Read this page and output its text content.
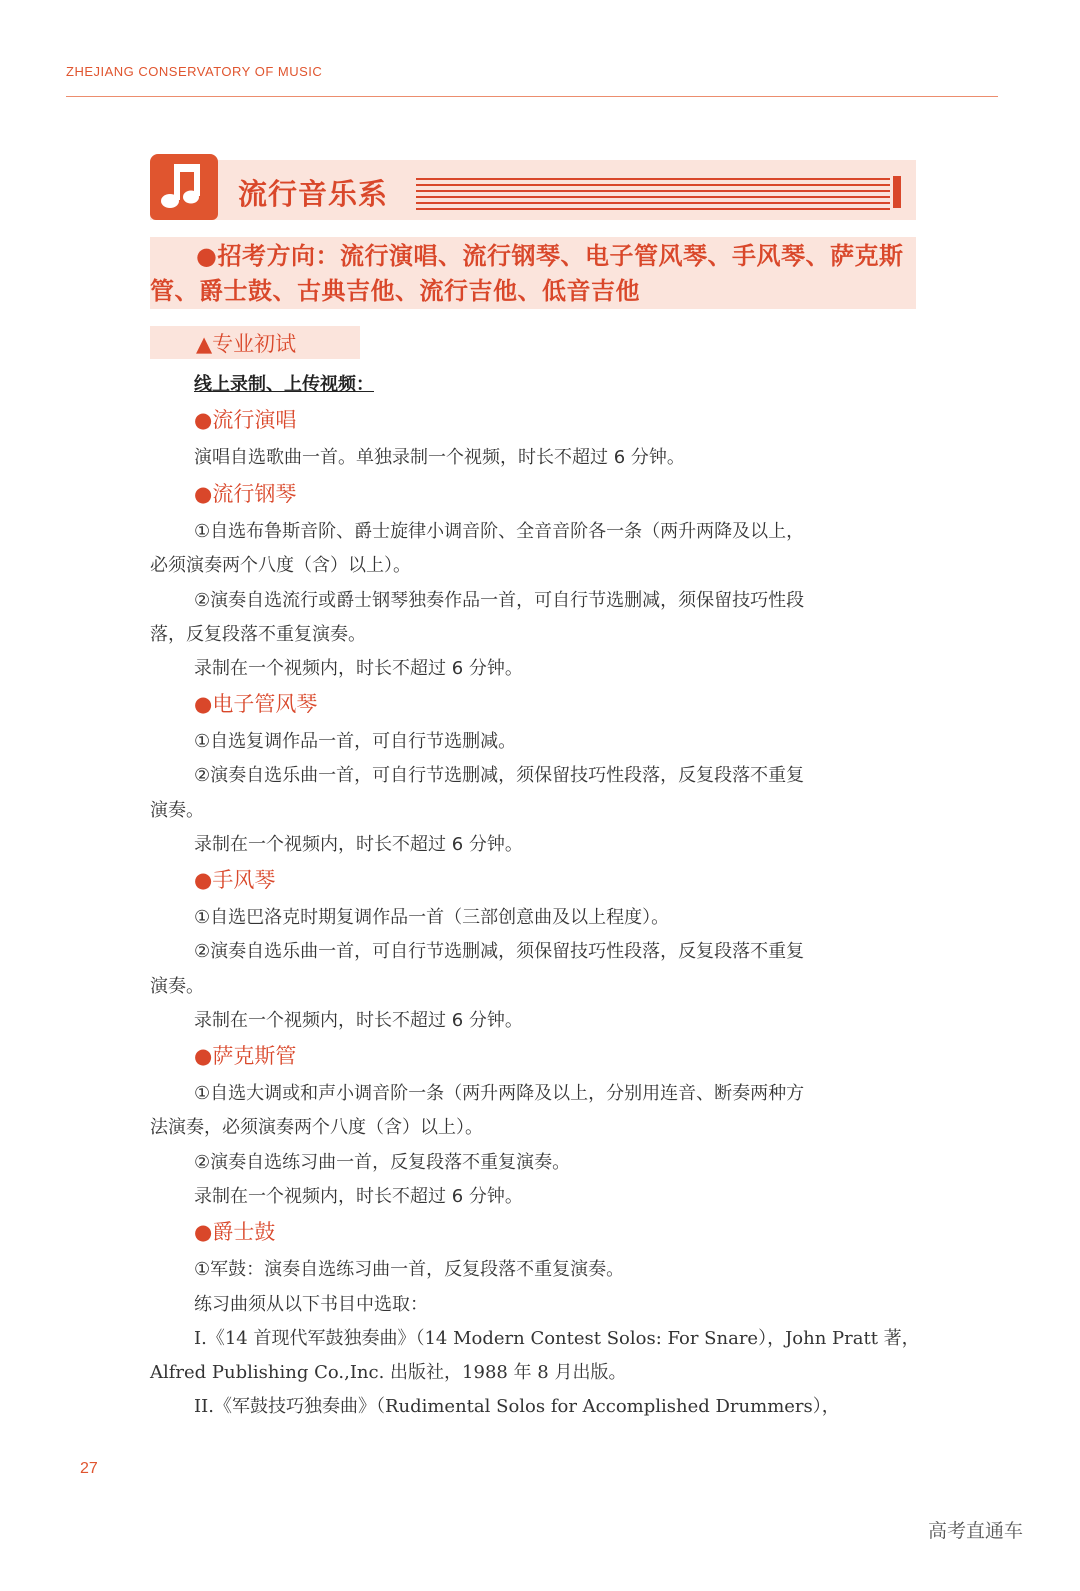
ZHEJIANG CONSERVATORY OF MUSIC
流行音乐系

●招考方向：流行演唱、流行钢琴、电子管风琴、手风琴、萨克斯管、爵士鼓、古典吉他、流行吉他、低音吉他

▲专业初试
线上录制、上传视频：
●流行演唱
演唱自选歌曲一首。单独录制一个视频，时长不超过 6 分钟。
●流行钢琴
①自选布鲁斯音阶、爵士旋律小调音阶、全音音阶各一条（两升两降及以上，
必须演奏两个八度（含）以上）。
②演奏自选流行或爵士钢琴独奏作品一首，可自行节选删减，须保留技巧性段
落，反复段落不重复演奏。
录制在一个视频内，时长不超过 6 分钟。
●电子管风琴
①自选复调作品一首，可自行节选删减。
②演奏自选乐曲一首，可自行节选删减，须保留技巧性段落，反复段落不重复
演奏。
录制在一个视频内，时长不超过 6 分钟。
●手风琴
①自选巴洛克时期复调作品一首（三部创意曲及以上程度）。
②演奏自选乐曲一首，可自行节选删减，须保留技巧性段落，反复段落不重复
演奏。
录制在一个视频内，时长不超过 6 分钟。
●萨克斯管
①自选大调或和声小调音阶一条（两升两降及以上，分别用连音、断奏两种方
法演奏，必须演奏两个八度（含）以上）。
②演奏自选练习曲一首，反复段落不重复演奏。
录制在一个视频内，时长不超过 6 分钟。
●爵士鼓
①军鼓：演奏自选练习曲一首，反复段落不重复演奏。
练习曲须从以下书目中选取：
I.《14 首现代军鼓独奏曲》（14 Modern Contest Solos: For Snare），John Pratt 著，
Alfred Publishing Co.,Inc. 出版社，1988 年 8 月出版。
II.《军鼓技巧独奏曲》（Rudimental Solos for Accomplished Drummers），
27
高考直通车
